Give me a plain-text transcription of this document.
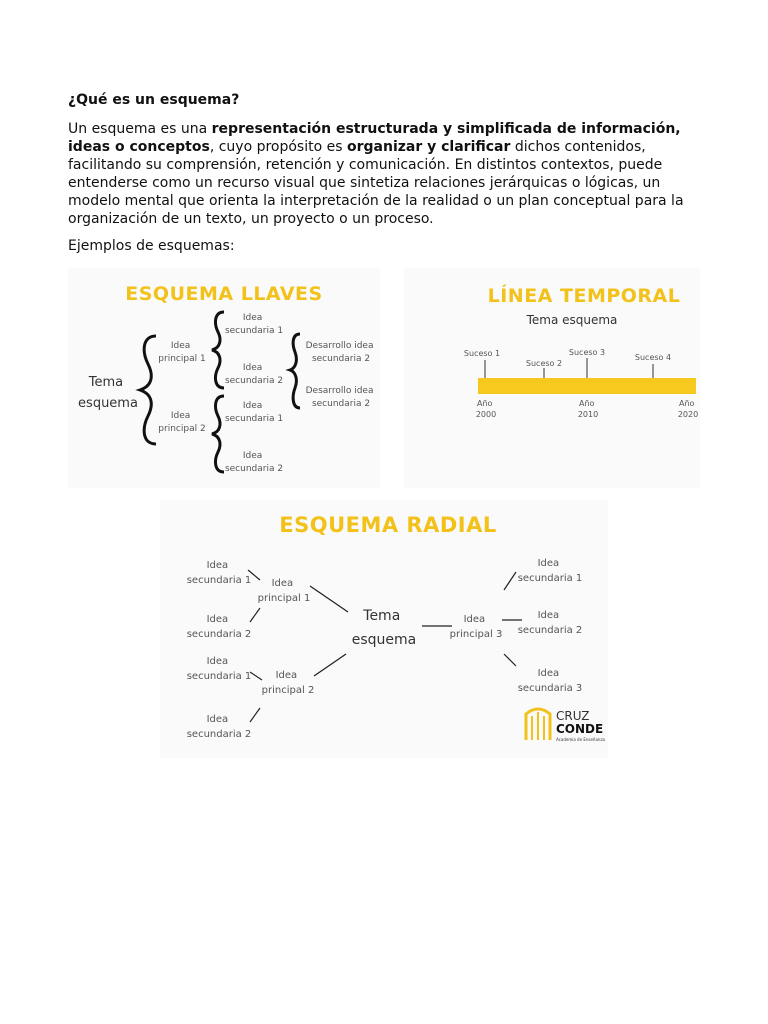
¿Qué es un esquema?
Un esquema es una representación estructurada y simplificada de información, ideas o conceptos, cuyo propósito es organizar y clarificar dichos contenidos, facilitando su comprensión, retención y comunicación. En distintos contextos, puede entenderse como un recurso visual que sintetiza relaciones jerárquicas o lógicas, un modelo mental que orienta la interpretación de la realidad o un plan conceptual para la organización de un texto, un proyecto o un proceso.
Ejemplos de esquemas:
ESQUEMA LLAVES
Tema esquema
Idea principal 1
Idea principal 2
Idea secundaria 1
Idea secundaria 2
Idea secundaria 1
Idea secundaria 2
Desarrollo idea secundaria 2
Desarrollo idea secundaria 2
LÍNEA TEMPORAL
Tema esquema
Suceso 1
Suceso 2
Suceso 3
Suceso 4
Año 2000
Año 2010
Año 2020
ESQUEMA RADIAL
Tema esquema
Idea principal 1
Idea principal 2
Idea principal 3
Idea secundaria 1
Idea secundaria 2
Idea secundaria 1
Idea secundaria 2
Idea secundaria 1
Idea secundaria 2
Idea secundaria 3
CRUZ
CONDE
Academia de Enseñanza
